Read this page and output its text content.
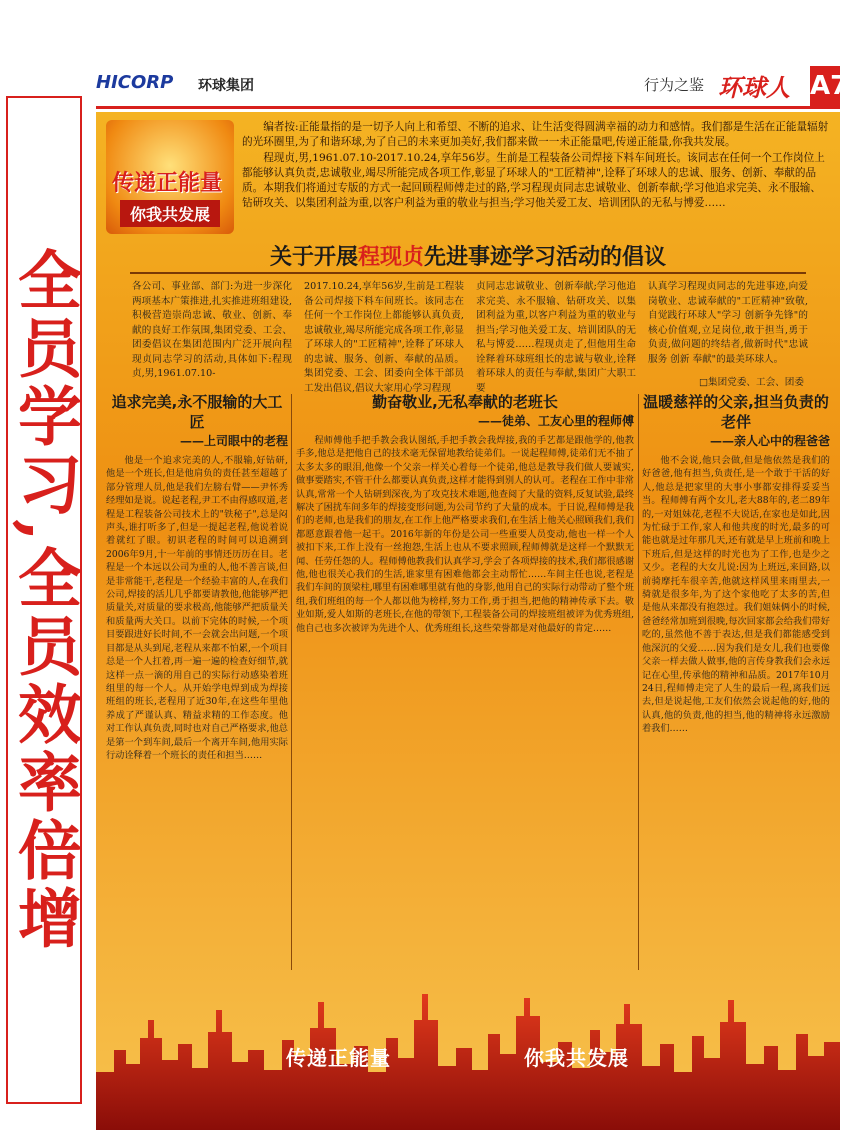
全员学习,全员效率倍增
HICORP 环球集团	行为之鉴 环球人 A7
传递正能量
你我共发展

编者按:正能量指的是一切予人向上和希望、不断的追求、让生活变得圆满幸福的动力和感情。我们都是生活在正能量辐射的光环圈里,为了和谐环球,为了自己的未来更加美好,我们都来做一一未正能量吧,传递正能量,你我共发展。

程现贞,男,1961.07.10-2017.10.24,享年56岁。生前是工程装备公司焊接下料车间班长。该同志在任何一个工作岗位上都能够认真负责,忠诚敬业,竭尽所能完成各项工作,彰显了环球人的"工匠精神",诠释了环球人的忠诚、服务、创新、奉献的品质。本期我们将通过专版的方式一起回顾程师傅走过的路,学习程现贞同志忠诚敬业、创新奉献;学习他追求完美、永不服输、钻研攻关、以集团利益为重,以客户利益为重的敬业与担当;学习他关爱工友、培训团队的无私与博爱……

关于开展程现贞先进事迹学习活动的倡议
各公司、事业部、部门:为进一步深化两项基本广策推进,扎实推进班组建设,积极营造崇尚忠诚、敬业、创新、奉献的良好工作氛围,集团党委、工会、团委倡议在集团范围内广泛开展向程现贞同志学习的活动,具体如下:程现贞,男,1961.07.10-
2017.10.24,享年56岁,生前是工程装备公司焊接下料车间班长。该同志在任何一个工作岗位上都能够认真负责,忠诚敬业,竭尽所能完成各项工作,彰显了环球人的"工匠精神",诠释了环球人的忠诚、服务、创新、奉献的品质。集团党委、工会、团委向全体干部员工发出倡议,倡议大家用心学习程现
贞同志忠诚敬业、创新奉献;学习他追求完美、永不服输、钻研攻关、以集团利益为重,以客户利益为重的敬业与担当;学习他关爱工友、培训团队的无私与博爱……程现贞走了,但他用生命诠释着环球班组长的忠诚与敬业,诠释着环球人的责任与奉献,集团广大职工要
认真学习程现贞同志的先进事迹,向爱岗敬业、忠诚奉献的"工匠精神"致敬,自觉践行环球人"学习 创新争先锋"的核心价值观,立足岗位,敢于担当,勇于负责,做问题的终结者,做新时代"忠诚 服务 创新 奉献"的最美环球人。
□集团党委、工会、团委
追求完美,永不服输的大工匠
——上司眼中的老程

他是一个追求完美的人,不服输,好钻研,他是一个班长,但是他肩负的责任甚至超越了部分管理人员,他是我们左膀右臂——尹怀秀经理如是说。说起老程,尹工不由得感叹道,老程是工程装备公司技术上的"铁秘子",总是闷声头,谁打听多了,但是一提起老程,他说着说着就红了眼。初识老程的时间可以追溯到2006年9月,十一年前的事情还历历在目。老程是一个本远以公司为重的人,他不善言谈,但是非常能干,老程是一个经验丰富的人,在我们公司,焊接的活儿几乎都要请教他,他能够严把质量关,对质量的要求极高,他能够严把质量关和质量两大关口。以前下完体的时候,一个项目要跟进好长时间,不一会就会出问题,一个项目都是从头到尾,老程从来都不怕累,一个项目总是一个人扛着,再一遍一遍的检查好细节,就这样一点一滴的用自己的实际行动感染着班组里的每一个人。从开始学电焊到成为焊接班组的班长,老程用了近30年,在这些年里他养成了严谨认真、精益求精的工作态度。他对工作认真负责,同时也对自己严格要求,他总是第一个到车间,最后一个离开车间,他用实际行动诠释着一个班长的责任和担当……

勤奋敬业,无私奉献的老班长
——徒弟、工友心里的程师傅

程师傅他手把手教会我认图纸,手把手教会我焊接,我的手艺都是跟他学的,他教手多,他总是把他自己的技术毫无保留地教给徒弟们。一说起程师傅,徒弟们无不抽了太多太多的眼泪,他像一个父亲一样关心着每一个徒弟,他总是教导我们做人要诚实,做事要踏实,不管干什么都要认真负责,这样才能得到别人的认可。老程在工作中非常认真,常常一个人钻研到深夜,为了攻克技术难题,他查阅了大量的资料,反复试验,最终解决了困扰车间多年的焊接变形问题,为公司节约了大量的成本。于日说,程师傅是我们的老师,也是我们的朋友,在工作上他严格要求我们,在生活上他关心照顾我们,我们都愿意跟着他一起干。2016年新的年份是公司一些重要人员变动,他也一样一个人被扣下来,工作上没有一丝抱怨,生活上也从不要求照顾,程师傅就是这样一个默默无闻、任劳任怨的人。程师傅他教我们认真学习,学会了各项焊接的技术,我们都很感谢他,他也很关心我们的生活,谁家里有困难他都会主动帮忙……车间主任也说,老程是我们车间的顶梁柱,哪里有困难哪里就有他的身影,他用自己的实际行动带动了整个班组,我们班组的每一个人都以他为榜样,努力工作,勇于担当,把他的精神传承下去。敬业如斯,爱人如斯的老班长,在他的带领下,工程装备公司的焊接班组被评为优秀班组,他自己也多次被评为先进个人、优秀班组长,这些荣誉都是对他最好的肯定……

温暖慈祥的父亲,担当负责的老伴
——亲人心中的程爸爸

他不会说,他只会做,但是他依然是我们的好爸爸,他有担当,负责任,是一个敢于干活的好人,他总是把家里的大事小事都安排得妥妥当当。程师傅有两个女儿,老大88年的,老二89年的,一对姐妹花,老程不大说话,在家也是如此,因为忙碌于工作,家人和他共度的时光,最多的可能也就是过年那几天,还有就是早上班前和晚上下班后,但是这样的时光也为了工作,也是少之又少。老程的大女儿说:因为上班远,来回路,以前骑摩托车很辛苦,他就这样风里来雨里去,一骑就是很多年,为了这个家他吃了太多的苦,但是他从来都没有抱怨过。我们姐妹俩小的时候,爸爸经常加班到很晚,每次回家都会给我们带好吃的,虽然他不善于表达,但是我们都能感受到他深沉的父爱……因为我们是女儿,我们也要像父亲一样去做人做事,他的言传身教我们会永远记在心里,传承他的精神和品质。2017年10月24日,程师傅走完了人生的最后一程,离我们远去,但是说起他,工友们依然会说起他的好,他的认真,他的负责,他的担当,他的精神将永远激励着我们……

传递正能量	你我共发展
